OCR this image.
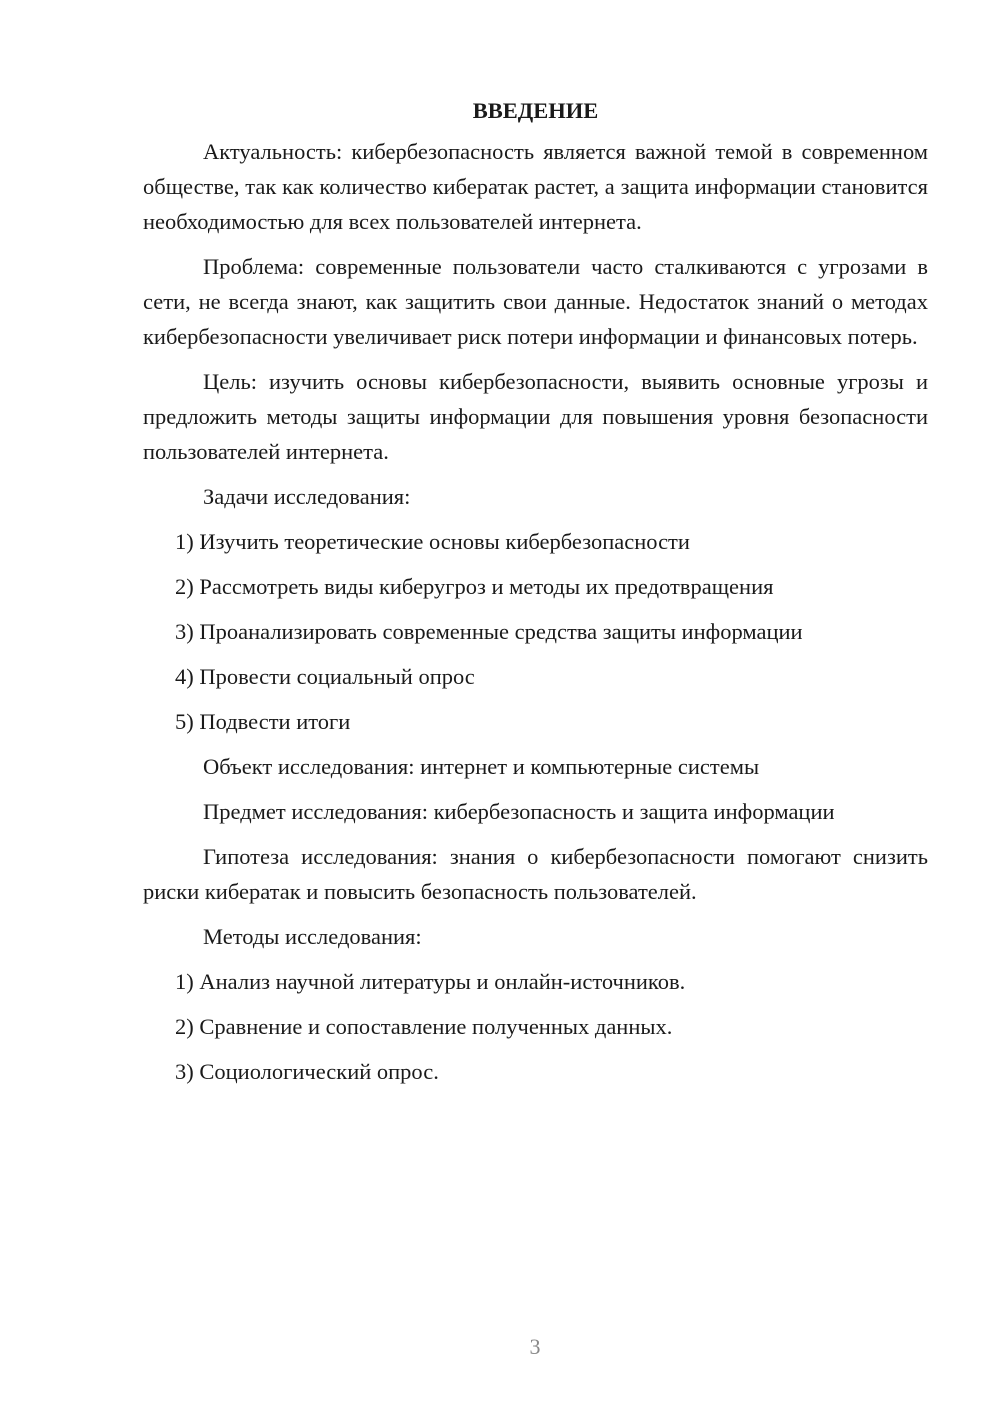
ВВЕДЕНИЕ

Актуальность: кибербезопасность является важной темой в современном обществе, так как количество кибератак растет, а защита информации становится необходимостью для всех пользователей интернета.

Проблема: современные пользователи часто сталкиваются с угрозами в сети, не всегда знают, как защитить свои данные. Недостаток знаний о методах кибербезопасности увеличивает риск потери информации и финансовых потерь.

Цель: изучить основы кибербезопасности, выявить основные угрозы и предложить методы защиты информации для повышения уровня безопасности пользователей интернета.

Задачи исследования:
1) Изучить теоретические основы кибербезопасности
2) Рассмотреть виды киберугроз и методы их предотвращения
3) Проанализировать современные средства защиты информации
4) Провести социальный опрос
5) Подвести итоги
Объект исследования: интернет и компьютерные системы
Предмет исследования: кибербезопасность и защита информации

Гипотеза исследования: знания о кибербезопасности помогают снизить риски кибератак и повысить безопасность пользователей.

Методы исследования:
1) Анализ научной литературы и онлайн-источников.
2) Сравнение и сопоставление полученных данных.
3) Социологический опрос.
3
